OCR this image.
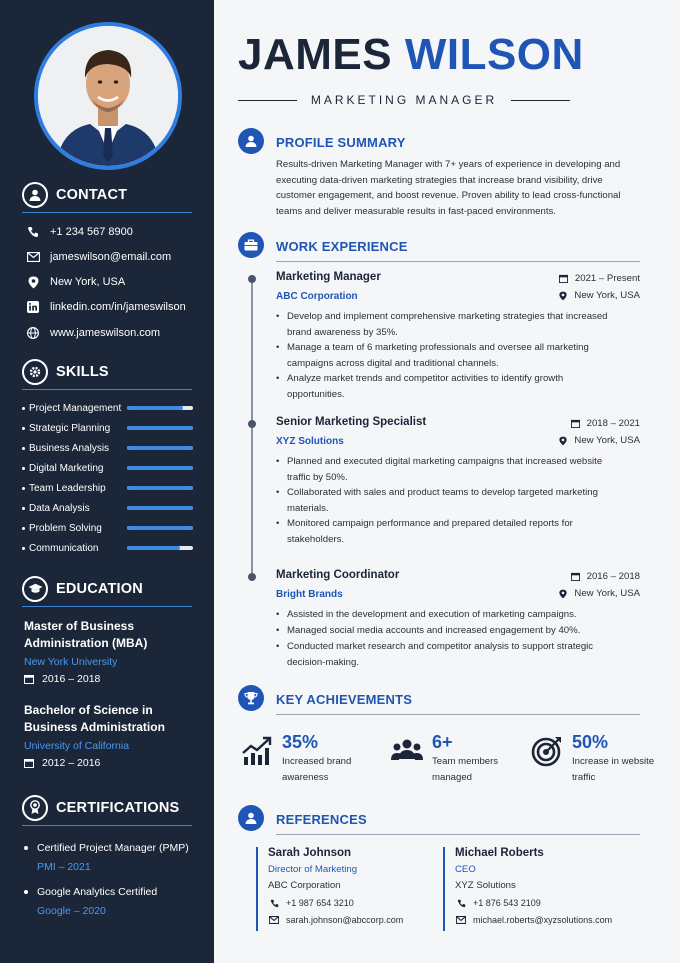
CONTACT
+1 234 567 8900
jameswilson@email.com
New York, USA
linkedin.com/in/jameswilson
www.jameswilson.com
SKILLS
Project Management
Strategic Planning
Business Analysis
Digital Marketing
Team Leadership
Data Analysis
Problem Solving
Communication
EDUCATION
Master of Business Administration (MBA)
New York University
2016 – 2018
Bachelor of Science in Business Administration
University of California
2012 – 2016
CERTIFICATIONS
Certified Project Manager (PMP)
PMI – 2021
Google Analytics Certified
Google – 2020
JAMES WILSON
MARKETING MANAGER
PROFILE SUMMARY
Results-driven Marketing Manager with 7+ years of experience in developing and executing data-driven marketing strategies that increase brand visibility, drive customer engagement, and boost revenue. Proven ability to lead cross-functional teams and deliver measurable results in fast-paced environments.
WORK EXPERIENCE
Marketing Manager
ABC Corporation
2021 – Present
New York, USA
• Develop and implement comprehensive marketing strategies that increased brand awareness by 35%.
• Manage a team of 6 marketing professionals and oversee all marketing campaigns across digital and traditional channels.
• Analyze market trends and competitor activities to identify growth opportunities.
Senior Marketing Specialist
XYZ Solutions
2018 – 2021
New York, USA
• Planned and executed digital marketing campaigns that increased website traffic by 50%.
• Collaborated with sales and product teams to develop targeted marketing materials.
• Monitored campaign performance and prepared detailed reports for stakeholders.
Marketing Coordinator
Bright Brands
2016 – 2018
New York, USA
• Assisted in the development and execution of marketing campaigns.
• Managed social media accounts and increased engagement by 40%.
• Conducted market research and competitor analysis to support strategic decision-making.
KEY ACHIEVEMENTS
35%
Increased brand awareness
6+
Team members managed
50%
Increase in website traffic
REFERENCES
Sarah Johnson
Director of Marketing
ABC Corporation
+1 987 654 3210
sarah.johnson@abccorp.com
Michael Roberts
CEO
XYZ Solutions
+1 876 543 2109
michael.roberts@xyzsolutions.com
